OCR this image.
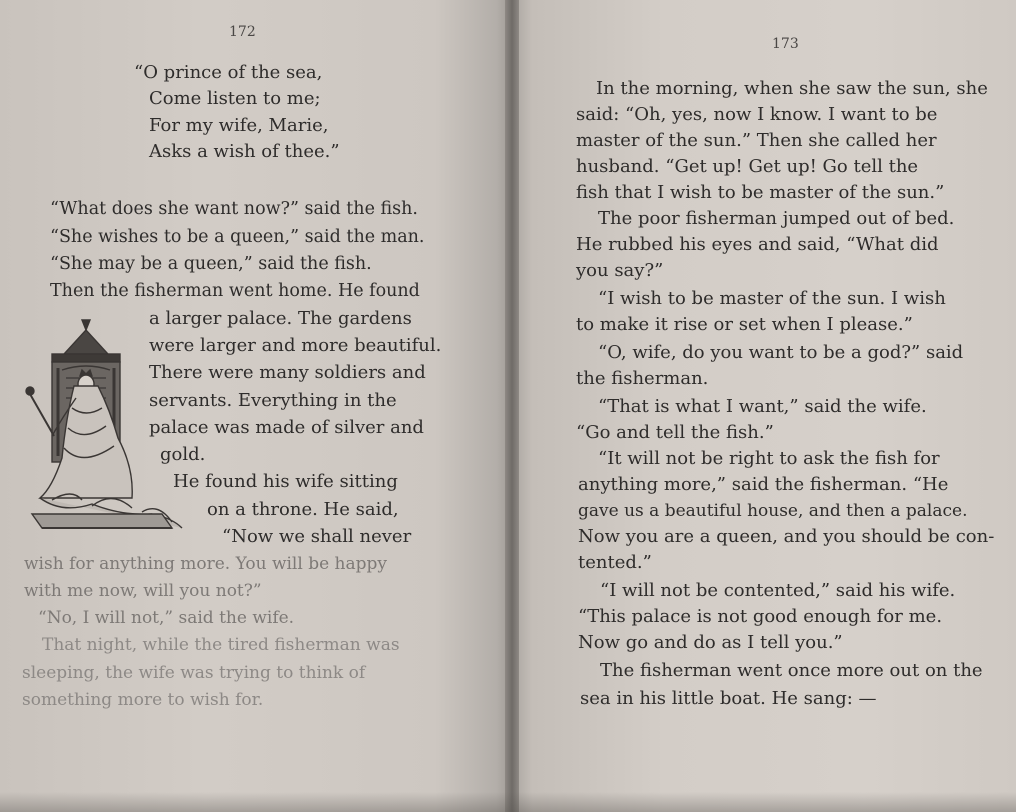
172
“O prince of the sea,
Come listen to me;
For my wife, Marie,
Asks a wish of thee.”
“What does she want now?” said the fish.
“She wishes to be a queen,” said the man.
“She may be a queen,” said the fish.
Then the fisherman went home. He found
a larger palace. The gardens
were larger and more beautiful.
There were many soldiers and
servants. Everything in the
palace was made of silver and
gold.
He found his wife sitting
on a throne. He said,
“Now we shall never
wish for anything more. You will be happy
with me now, will you not?”
“No, I will not,” said the wife.
That night, while the tired fisherman was
sleeping, the wife was trying to think of
something more to wish for.
173
In the morning, when she saw the sun, she
said: “Oh, yes, now I know. I want to be
master of the sun.” Then she called her
husband. “Get up! Get up! Go tell the
fish that I wish to be master of the sun.”
The poor fisherman jumped out of bed.
He rubbed his eyes and said, “What did
you say?”
“I wish to be master of the sun. I wish
to make it rise or set when I please.”
“O, wife, do you want to be a god?” said
the fisherman.
“That is what I want,” said the wife.
“Go and tell the fish.”
“It will not be right to ask the fish for
anything more,” said the fisherman. “He
gave us a beautiful house, and then a palace.
Now you are a queen, and you should be con-
tented.”
“I will not be contented,” said his wife.
“This palace is not good enough for me.
Now go and do as I tell you.”
The fisherman went once more out on the
sea in his little boat. He sang: —
